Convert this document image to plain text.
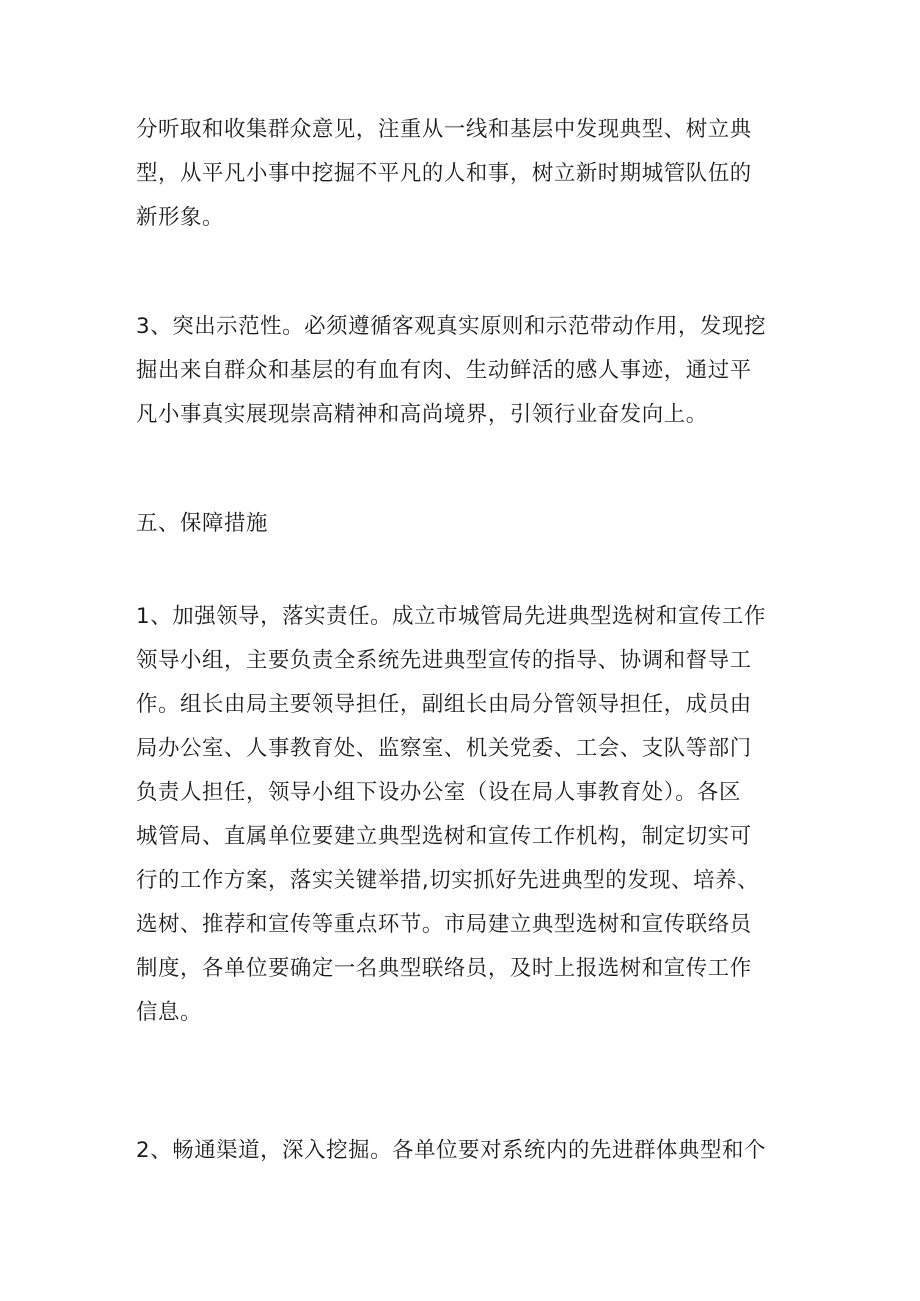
分听取和收集群众意见，注重从一线和基层中发现典型、树立典
型，从平凡小事中挖掘不平凡的人和事，树立新时期城管队伍的
新形象。
3、突出示范性。必须遵循客观真实原则和示范带动作用，发现挖
掘出来自群众和基层的有血有肉、生动鲜活的感人事迹，通过平
凡小事真实展现崇高精神和高尚境界，引领行业奋发向上。
五、保障措施
1、加强领导，落实责任。成立市城管局先进典型选树和宣传工作
领导小组，主要负责全系统先进典型宣传的指导、协调和督导工
作。组长由局主要领导担任，副组长由局分管领导担任，成员由
局办公室、人事教育处、监察室、机关党委、工会、支队等部门
负责人担任，领导小组下设办公室（设在局人事教育处）。各区
城管局、直属单位要建立典型选树和宣传工作机构，制定切实可
行的工作方案，落实关键举措,切实抓好先进典型的发现、培养、
选树、推荐和宣传等重点环节。市局建立典型选树和宣传联络员
制度，各单位要确定一名典型联络员，及时上报选树和宣传工作
信息。
2、畅通渠道，深入挖掘。各单位要对系统内的先进群体典型和个
